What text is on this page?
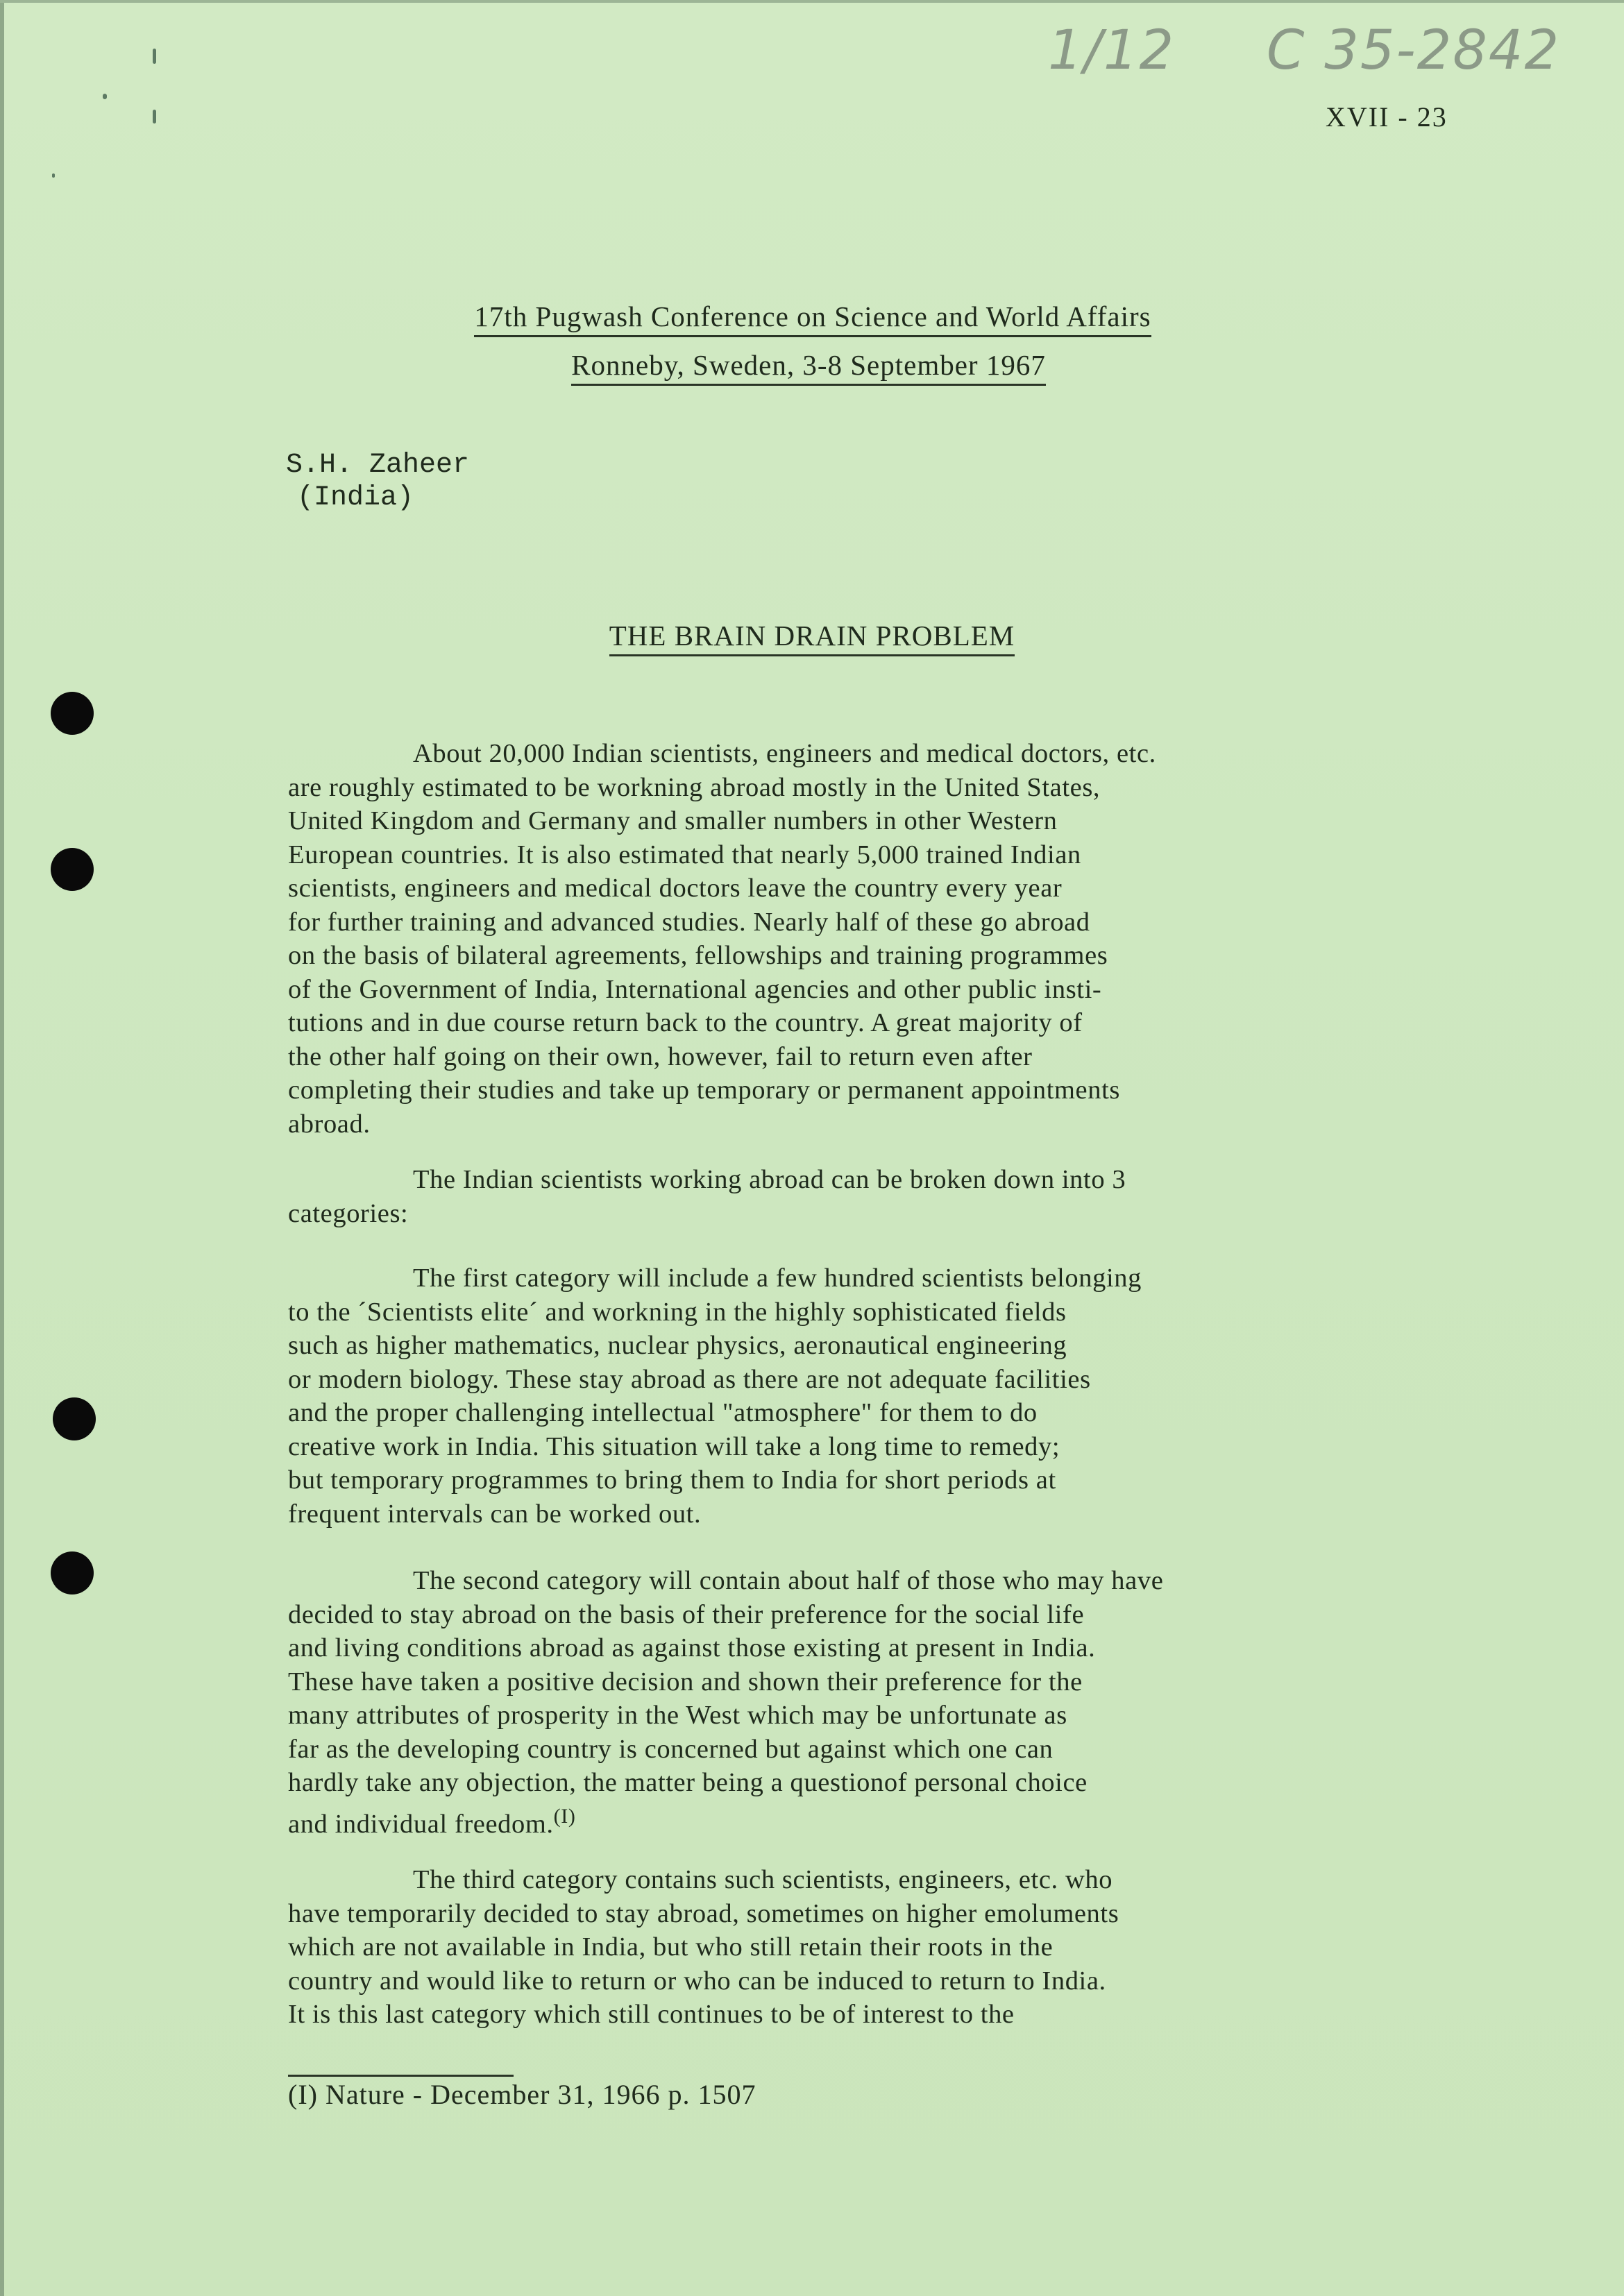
1/12 C 35-2842
XVII - 23
17th Pugwash Conference on Science and World Affairs
Ronneby, Sweden, 3-8 September 1967
S.H. Zaheer
(India)
THE BRAIN DRAIN PROBLEM
About 20,000 Indian scientists, engineers and medical doctors, etc.
are roughly estimated to be workning abroad mostly in the United States,
United Kingdom and Germany and smaller numbers in other Western
European countries. It is also estimated that nearly 5,000 trained Indian
scientists, engineers and medical doctors leave the country every year
for further training and advanced studies. Nearly half of these go abroad
on the basis of bilateral agreements, fellowships and training programmes
of the Government of India, International agencies and other public insti-
tutions and in due course return back to the country. A great majority of
the other half going on their own, however, fail to return even after
completing their studies and take up temporary or permanent appointments
abroad.
The Indian scientists working abroad can be broken down into 3
categories:
The first category will include a few hundred scientists belonging
to the ´Scientists elite´ and workning in the highly sophisticated fields
such as higher mathematics, nuclear physics, aeronautical engineering
or modern biology. These stay abroad as there are not adequate facilities
and the proper challenging intellectual "atmosphere" for them to do
creative work in India. This situation will take a long time to remedy;
but temporary programmes to bring them to India for short periods at
frequent intervals can be worked out.
The second category will contain about half of those who may have
decided to stay abroad on the basis of their preference for the social life
and living conditions abroad as against those existing at present in India.
These have taken a positive decision and shown their preference for the
many attributes of prosperity in the West which may be unfortunate as
far as the developing country is concerned but against which one can
hardly take any objection, the matter being a questionof personal choice
and individual freedom.$^{(I)}$
The third category contains such scientists, engineers, etc. who
have temporarily decided to stay abroad, sometimes on higher emoluments
which are not available in India, but who still retain their roots in the
country and would like to return or who can be induced to return to India.
It is this last category which still continues to be of interest to the
(I) Nature - December 31, 1966 p. 1507
